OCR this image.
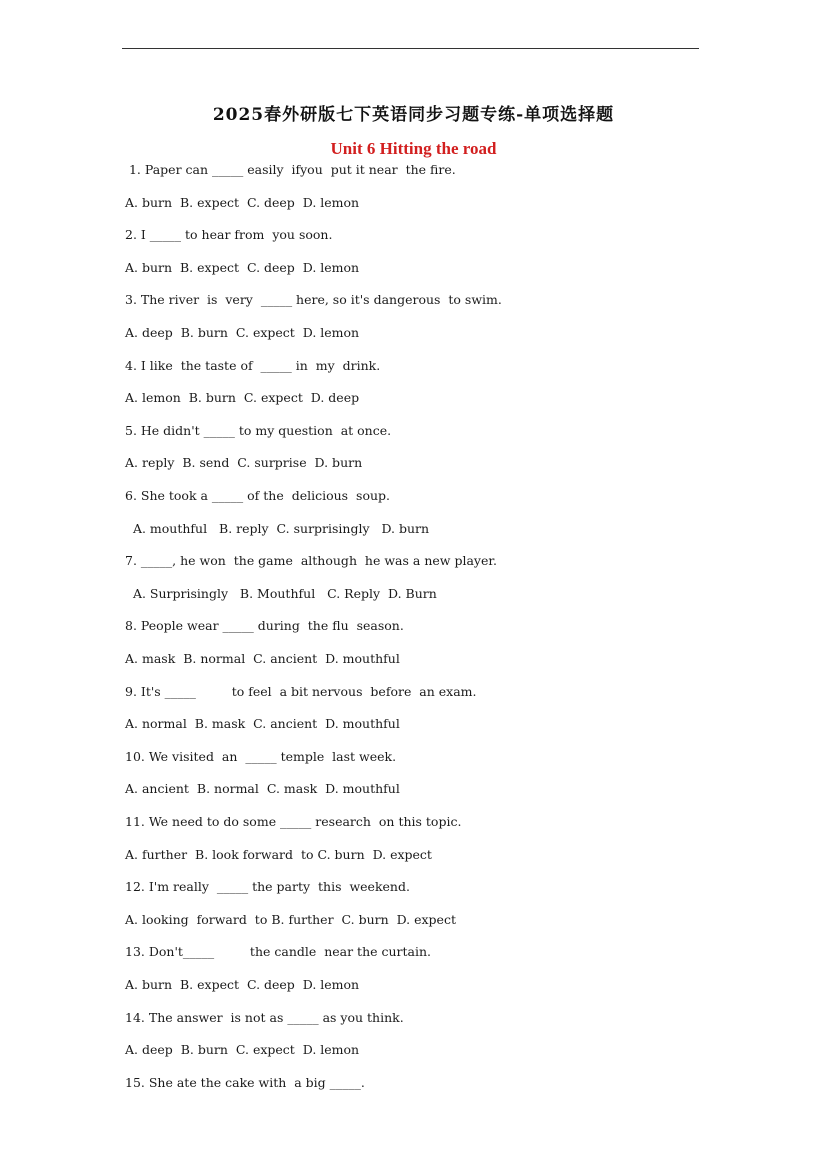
2025春外研版七下英语同步习题专练-单项选择题
Unit 6 Hitting the road
1. Paper can _____ easily  ifyou  put it near  the fire.
A. burn  B. expect  C. deep  D. lemon
2. I _____ to hear from  you soon.
A. burn  B. expect  C. deep  D. lemon
3. The river  is  very  _____ here, so it's dangerous  to swim.
A. deep  B. burn  C. expect  D. lemon
4. I like  the taste of  _____ in  my  drink.
A. lemon  B. burn  C. expect  D. deep
5. He didn't _____ to my question  at once.
A. reply  B. send  C. surprise  D. burn
6. She took a _____ of the  delicious  soup.
A. mouthful   B. reply  C. surprisingly   D. burn
7. _____, he won  the game  although  he was a new player.
A. Surprisingly   B. Mouthful   C. Reply  D. Burn
8. People wear _____ during  the flu  season.
A. mask  B. normal  C. ancient  D. mouthful
9. It's _____         to feel  a bit nervous  before  an exam.
A. normal  B. mask  C. ancient  D. mouthful
10. We visited  an  _____ temple  last week.
A. ancient  B. normal  C. mask  D. mouthful
11. We need to do some _____ research  on this topic.
A. further  B. look forward  to C. burn  D. expect
12. I'm really  _____ the party  this  weekend.
A. looking  forward  to B. further  C. burn  D. expect
13. Don't_____         the candle  near the curtain.
A. burn  B. expect  C. deep  D. lemon
14. The answer  is not as _____ as you think.
A. deep  B. burn  C. expect  D. lemon
15. She ate the cake with  a big _____.
